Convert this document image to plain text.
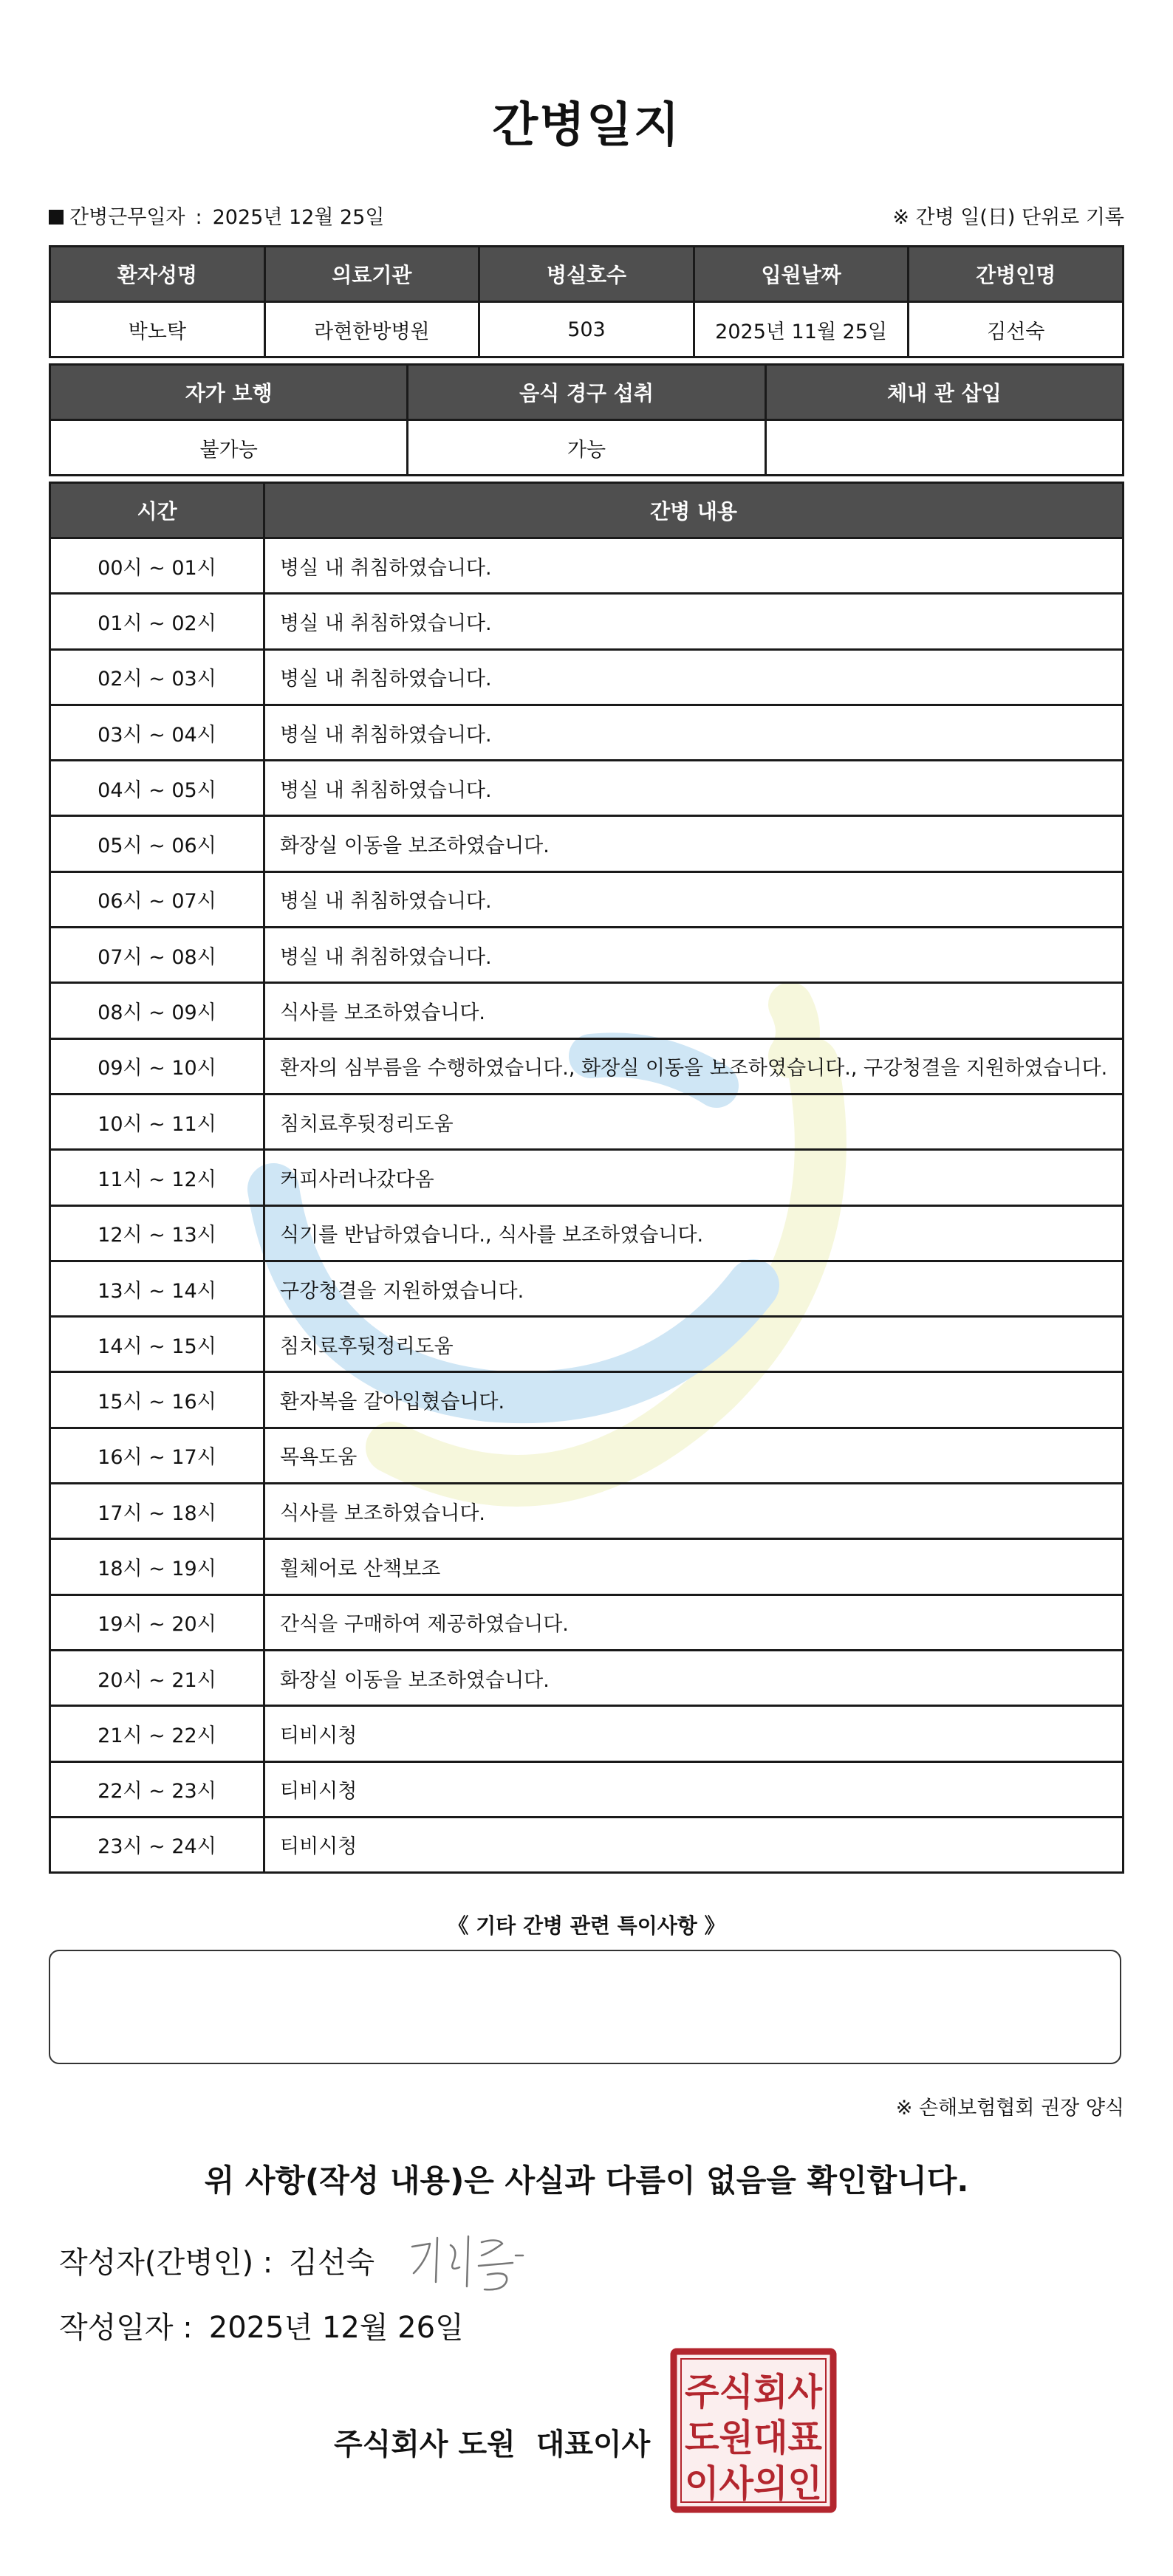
간병일지
간병근무일자 : 2025년 12월 25일	※ 간병 일(日) 단위로 기록
환자성명	의료기관	병실호수	입원날짜	간병인명
박노탁	라현한방병원	503	2025년 11월 25일	김선숙
자가 보행	음식 경구 섭취	체내 관 삽입
불가능	가능	
시간	간병 내용
00시 ~ 01시	병실 내 취침하였습니다.
01시 ~ 02시	병실 내 취침하였습니다.
02시 ~ 03시	병실 내 취침하였습니다.
03시 ~ 04시	병실 내 취침하였습니다.
04시 ~ 05시	병실 내 취침하였습니다.
05시 ~ 06시	화장실 이동을 보조하였습니다.
06시 ~ 07시	병실 내 취침하였습니다.
07시 ~ 08시	병실 내 취침하였습니다.
08시 ~ 09시	식사를 보조하였습니다.
09시 ~ 10시	환자의 심부름을 수행하였습니다., 화장실 이동을 보조하였습니다., 구강청결을 지원하였습니다.
10시 ~ 11시	침치료후뒷정리도움
11시 ~ 12시	커피사러나갔다옴
12시 ~ 13시	식기를 반납하였습니다., 식사를 보조하였습니다.
13시 ~ 14시	구강청결을 지원하였습니다.
14시 ~ 15시	침치료후뒷정리도움
15시 ~ 16시	환자복을 갈아입혔습니다.
16시 ~ 17시	목욕도움
17시 ~ 18시	식사를 보조하였습니다.
18시 ~ 19시	휠체어로 산책보조
19시 ~ 20시	간식을 구매하여 제공하였습니다.
20시 ~ 21시	화장실 이동을 보조하였습니다.
21시 ~ 22시	티비시청
22시 ~ 23시	티비시청
23시 ~ 24시	티비시청
《 기타 간병 관련 특이사항 》
※ 손해보험협회 권장 양식
위 사항(작성 내용)은 사실과 다름이 없음을 확인합니다.
작성자(간병인) : 김선숙
작성일자 : 2025년 12월 26일
주식회사 도원 대표이사
주식회사
도원대표
이사의인
